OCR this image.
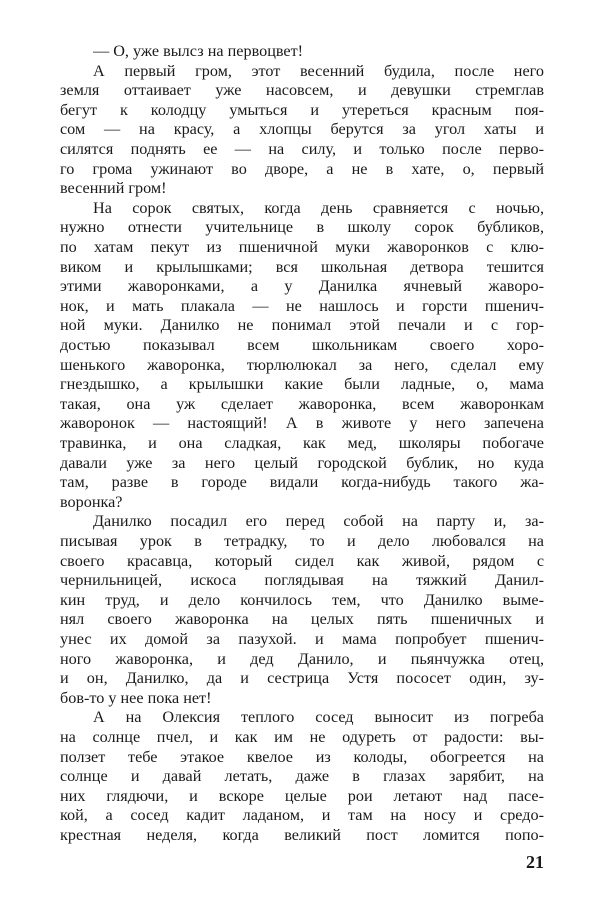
— О, уже вылсз на первоцвет!
А первый гром, этот весенний будила, после него
земля оттаивает уже насовсем, и девушки стремглав
бегут к колодцу умыться и утереться красным поя-
сом — на красу, а хлопцы берутся за угол хаты и
силятся поднять ее — на силу, и только после перво-
го грома ужинают во дворе, а не в хате, о, первый
весенний гром!
На сорок святых, когда день сравняется с ночью,
нужно отнести учительнице в школу сорок бубликов,
по хатам пекут из пшеничной муки жаворонков с клю-
виком и крылышками; вся школьная детвора тешится
этими жаворонками, а у Данилка ячневый жаворо-
нок, и мать плакала — не нашлось и горсти пшенич-
ной муки. Данилко не понимал этой печали и с гор-
достью показывал всем школьникам своего хоро-
шенького жаворонка, тюрлюлюкал за него, сделал ему
гнездышко, а крылышки какие были ладные, о, мама
такая, она уж сделает жаворонка, всем жаворонкам
жаворонок — настоящий! А в животе у него запечена
травинка, и она сладкая, как мед, школяры побогаче
давали уже за него целый городской бублик, но куда
там, разве в городе видали когда-нибудь такого жа-
воронка?
Данилко посадил его перед собой на парту и, за-
писывая урок в тетрадку, то и дело любовался на
своего красавца, который сидел как живой, рядом с
чернильницей, искоса поглядывая на тяжкий Данил-
кин труд, и дело кончилось тем, что Данилко выме-
нял своего жаворонка на целых пять пшеничных и
унес их домой за пазухой. и мама попробует пшенич-
ного жаворонка, и дед Данило, и пьянчужка отец,
и он, Данилко, да и сестрица Устя пососет один, зу-
бов-то у нее пока нет!
А на Олексия теплого сосед выносит из погреба
на солнце пчел, и как им не одуреть от радости: вы-
ползет тебе этакое квелое из колоды, обогреется на
солнце и давай летать, даже в глазах зарябит, на
них глядючи, и вскоре целые рои летают над пасе-
кой, а сосед кадит ладаном, и там на носу и средо-
крестная неделя, когда великий пост ломится попо-
21
